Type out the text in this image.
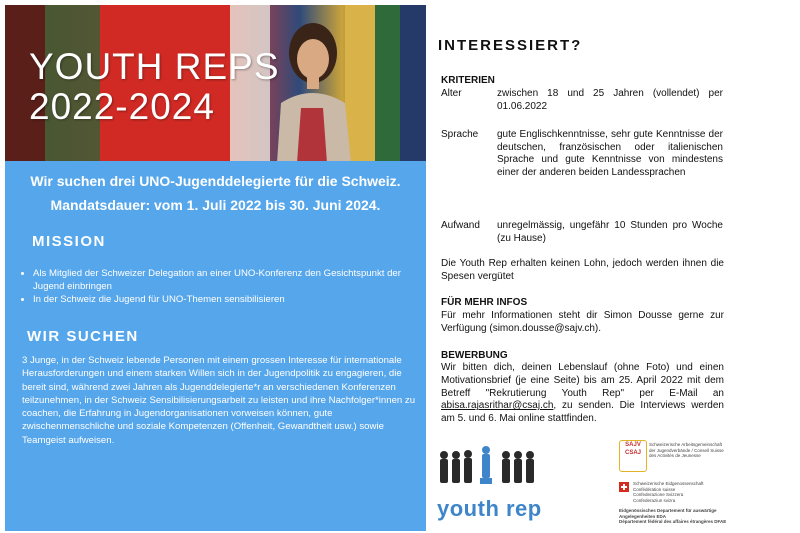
YOUTH REPS
2022-2024
Wir suchen drei UNO-Jugenddelegierte für die Schweiz.
Mandatsdauer: vom 1. Juli 2022 bis 30. Juni 2024.
MISSION
• Als Mitglied der Schweizer Delegation an einer UNO-Konferenz den Gesichtspunkt der Jugend einbringen
• In der Schweiz die Jugend für UNO-Themen sensibilisieren
WIR SUCHEN
3 Junge, in der Schweiz lebende Personen mit einem grossen Interesse für internationale Herausforderungen und einem starken Willen sich in der Jugendpolitik zu engagieren, die bereit sind, während zwei Jahren als Jugenddelegierte*r an verschiedenen Konferenzen teilzunehmen, in der Schweiz Sensibilisierungsarbeit zu leisten und ihre Nachfolger*innen zu coachen, die Erfahrung in Jugendorganisationen vorweisen können, gute zwischenmenschliche und soziale Kompetenzen (Offenheit, Gewandtheit usw.) sowie Teamgeist aufweisen.
INTERESSIERT?
KRITERIEN
Alter	zwischen 18 und 25 Jahren (vollendet) per 01.06.2022
Sprache gute Englischkenntnisse, sehr gute Kenntnisse der deutschen, französischen oder italienischen Sprache und gute Kenntnisse von mindestens einer der anderen beiden Landessprachen
Aufwand unregelmässig, ungefähr 10 Stunden pro Woche (zu Hause)
Die Youth Rep erhalten keinen Lohn, jedoch werden ihnen die Spesen vergütet
FÜR MEHR INFOS
Für mehr Informationen steht dir Simon Dousse gerne zur Verfügung (simon.dousse@sajv.ch).
BEWERBUNG
Wir bitten dich, deinen Lebenslauf (ohne Foto) und einen Motivationsbrief (je eine Seite) bis am 25. April 2022 mit dem Betreff "Rekrutierung Youth Rep" per E-Mail an abisa.rajasrithar@csaj.ch, zu senden. Die Interviews werden am 5. und 6. Mai online stattfinden.
youth rep
SAJV CSAJ
Schweizerische Arbeitsgemeinschaft der Jugendverbände / Conseil Suisse des Activités de Jeunesse
Schweizerische Eidgenossenschaft
Confédération suisse
Confederazione Svizzera
Confederaziun svizra
Eidgenössisches Departement für auswärtige Angelegenheiten EDA
Département fédéral des affaires étrangères DFAE
